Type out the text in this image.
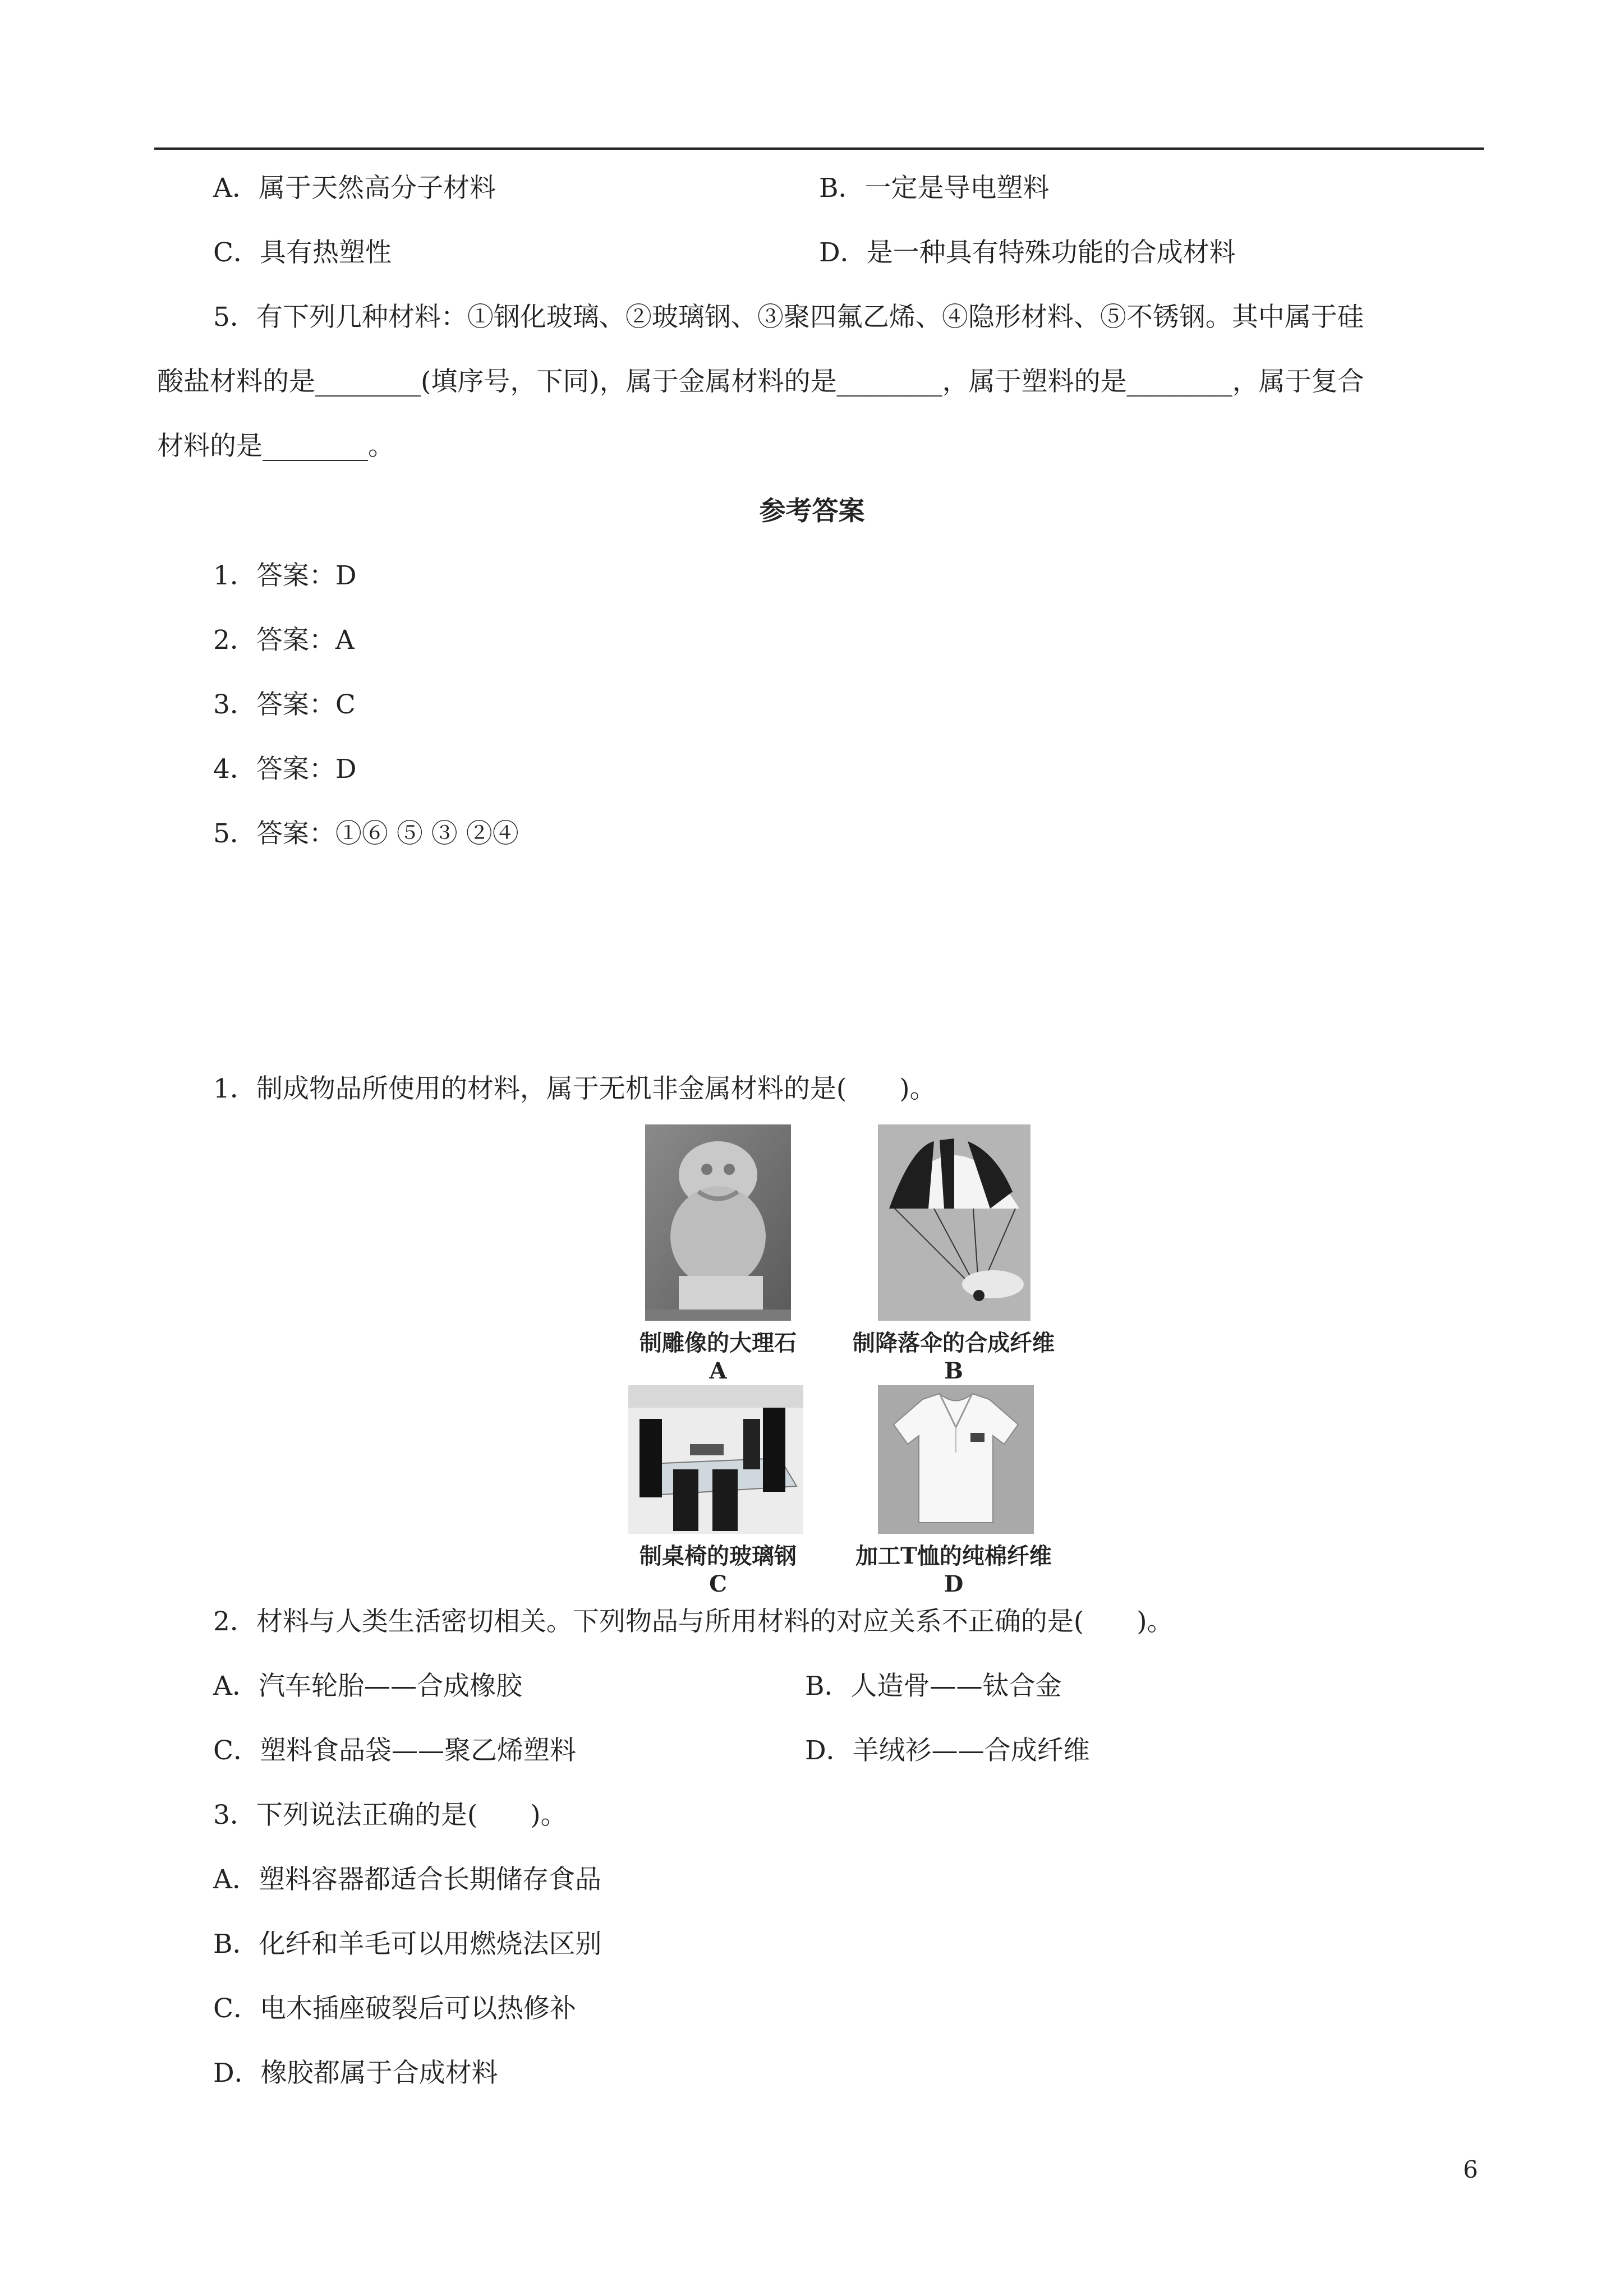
A．属于天然高分子材料	B．一定是导电塑料
C．具有热塑性	D．是一种具有特殊功能的合成材料
5．有下列几种材料：①钢化玻璃、②玻璃钢、③聚四氟乙烯、④隐形材料、⑤不锈钢。其中属于硅
酸盐材料的是________(填序号，下同)，属于金属材料的是________，属于塑料的是________，属于复合
材料的是________。
参考答案
1．答案：D
2．答案：A
3．答案：C
4．答案：D
5．答案：①⑥ ⑤ ③ ②④
1．制成物品所使用的材料，属于无机非金属材料的是(　　)。
制雕像的大理石
A
制降落伞的合成纤维
B
制桌椅的玻璃钢
C
加工T恤的纯棉纤维
D
2．材料与人类生活密切相关。下列物品与所用材料的对应关系不正确的是(　　)。
A．汽车轮胎——合成橡胶	B．人造骨——钛合金
C．塑料食品袋——聚乙烯塑料	D．羊绒衫——合成纤维
3．下列说法正确的是(　　)。
A．塑料容器都适合长期储存食品
B．化纤和羊毛可以用燃烧法区别
C．电木插座破裂后可以热修补
D．橡胶都属于合成材料
6
